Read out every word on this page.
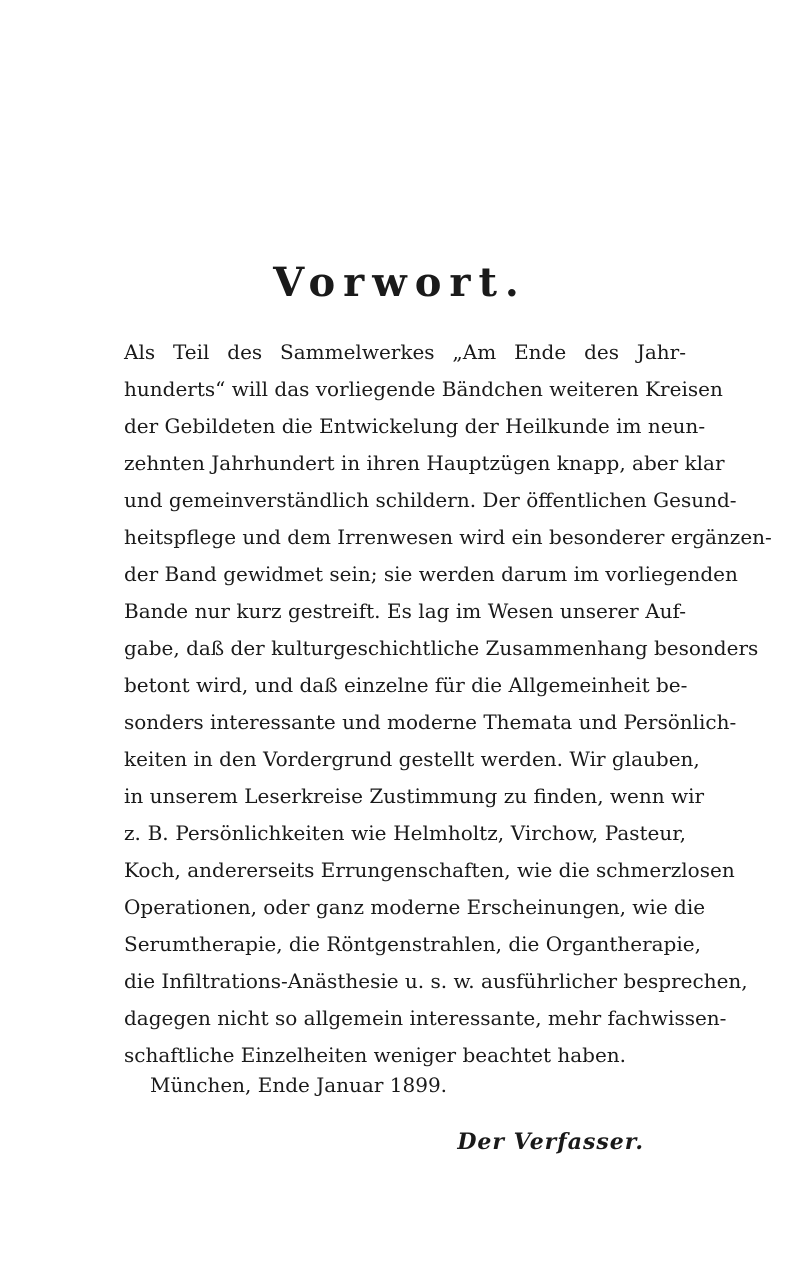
Vorwort.
Als Teil des Sammelwerkes „Am Ende des Jahr-
hunderts“ will das vorliegende Bändchen weiteren Kreisen
der Gebildeten die Entwickelung der Heilkunde im neun-
zehnten Jahrhundert in ihren Hauptzügen knapp, aber klar
und gemeinverständlich schildern. Der öffentlichen Gesund-
heitspflege und dem Irrenwesen wird ein besonderer ergänzen-
der Band gewidmet sein; sie werden darum im vorliegenden
Bande nur kurz gestreift. Es lag im Wesen unserer Auf-
gabe, daß der kulturgeschichtliche Zusammenhang besonders
betont wird, und daß einzelne für die Allgemeinheit be-
sonders interessante und moderne Themata und Persönlich-
keiten in den Vordergrund gestellt werden. Wir glauben,
in unserem Leserkreise Zustimmung zu finden, wenn wir
z. B. Persönlichkeiten wie Helmholtz, Virchow, Pasteur,
Koch, andererseits Errungenschaften, wie die schmerzlosen
Operationen, oder ganz moderne Erscheinungen, wie die
Serumtherapie, die Röntgenstrahlen, die Organtherapie,
die Infiltrations-Anästhesie u. s. w. ausführlicher besprechen,
dagegen nicht so allgemein interessante, mehr fachwissen-
schaftliche Einzelheiten weniger beachtet haben.
München, Ende Januar 1899.
Der Verfasser.
